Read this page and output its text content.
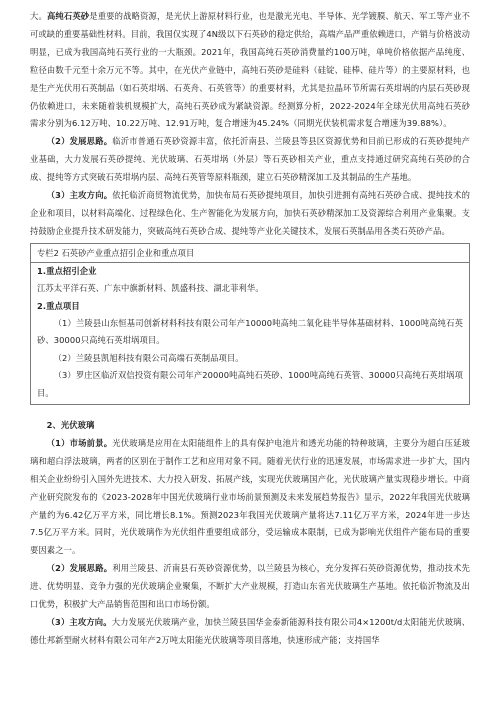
大。高纯石英砂是重要的战略资源，是光伏上游原材料行业，也是激光光电、半导体、光学镀膜、航天、军工等产业不可或缺的重要基础性材料。目前，我国仅实现了4N级以下石英砂的稳定供给，高端产品严重依赖进口，产销与价格波动明显，已成为我国高纯石英行业的一大瓶颈。2021年，我国高纯石英砂消费量约100万吨，单吨价格依据产品纯度、粒径由数千元至十余万元不等。其中，在光伏产业链中，高纯石英砂是硅料（硅锭、硅棒、硅片等）的主要原材料，也是生产光伏用石英制品（如石英坩埚、石英舟、石英管等）的重要材料，尤其是拉晶环节所需石英坩埚的内层石英砂现仍依赖进口，未来随着装机规模扩大，高纯石英砂成为紧缺资源。经测算分析，2022-2024年全球光伏用高纯石英砂需求分别为6.12万吨、10.22万吨、12.91万吨，复合增速为45.24%（同期光伏装机需求复合增速为39.88%）。

（2）发展思路。临沂市普通石英砂资源丰富，依托沂南县、兰陵县等县区资源优势和目前已形成的石英砂提纯产业基础，大力发展石英砂提纯、光伏玻璃、石英坩埚（外层）等石英砂相关产业，重点支持通过研究高纯石英砂的合成、提纯等方式突破石英坩埚内层、高纯石英管等原料瓶颈，建立石英砂精深加工及其制品的生产基地。

（3）主攻方向。依托临沂商贸物流优势，加快布局石英砂提纯项目，加快引进拥有高纯石英砂合成、提纯技术的企业和项目，以材料高端化、过程绿色化、生产智能化为发展方向，加快石英砂精深加工及资源综合利用产业集聚。支持鼓励企业提升技术研发能力，突破高纯石英砂合成、提纯等产业化关键技术，发展石英制品用各类石英砂产品。

专栏2 石英砂产业重点招引企业和重点项目

1.重点招引企业

江苏太平洋石英、广东中旗新材料、凯盛科技、湖北菲利华。

2.重点项目

（1）兰陵县山东恒基司创新材料科技有限公司年产10000吨高纯二氧化硅半导体基础材料、1000吨高纯石英砂、30000只高纯石英坩埚项目。

（2）兰陵县凯旭科技有限公司高端石英制品项目。

（3）罗庄区临沂双信投资有限公司年产20000吨高纯石英砂、1000吨高纯石英管、30000只高纯石英坩埚项目。

2、光伏玻璃

（1）市场前景。光伏玻璃是应用在太阳能组件上的具有保护电池片和透光功能的特种玻璃，主要分为超白压延玻璃和超白浮法玻璃，两者的区别在于制作工艺和应用对象不同。随着光伏行业的迅速发展，市场需求进一步扩大，国内相关企业纷纷引入国外先进技术、大力投入研发、拓展产线，实现光伏玻璃国产化，光伏玻璃产量实现稳步增长。中商产业研究院发布的《2023-2028年中国光伏玻璃行业市场前景预测及未来发展趋势报告》显示，2022年我国光伏玻璃产量约为6.42亿万平方米，同比增长8.1%。预测2023年我国光伏玻璃产量将达7.11亿万平方米，2024年进一步达7.5亿万平方米。同时，光伏玻璃作为光伏组件重要组成部分，受运输成本限制，已成为影响光伏组件产能布局的重要要因素之一。

（2）发展思路。利用兰陵县、沂南县石英砂资源优势，以兰陵县为核心，充分发挥石英砂资源优势，推动技术先进、优势明显、竞争力强的光伏玻璃企业聚集，不断扩大产业规模，打造山东省光伏玻璃生产基地。依托临沂物流及出口优势，积极扩大产品销售范围和出口市场份额。

（3）主攻方向。大力发展光伏玻璃产业，加快兰陵县国华金泰新能源科技有限公司4×1200t/d太阳能光伏玻璃、德仕邦新型耐火材料有限公司年产2万吨太阳能光伏玻璃等项目落地，快速形成产能；支持国华
